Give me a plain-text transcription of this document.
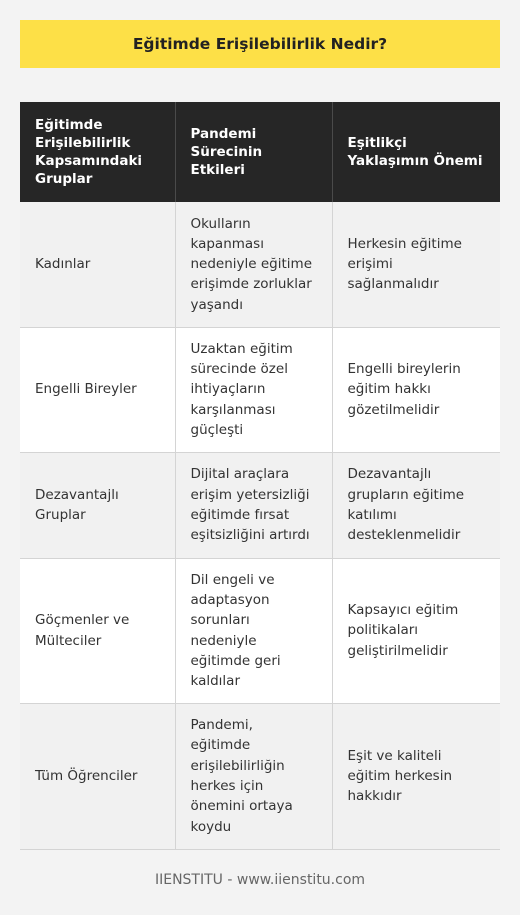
Eğitimde Erişilebilirlik Nedir?
Eğitimde Erişilebilirlik Kapsamındaki Gruplar	Pandemi Sürecinin Etkileri	Eşitlikçi Yaklaşımın Önemi
Kadınlar	Okulların kapanması nedeniyle eğitime erişimde zorluklar yaşandı	Herkesin eğitime erişimi sağlanmalıdır
Engelli Bireyler	Uzaktan eğitim sürecinde özel ihtiyaçların karşılanması güçleşti	Engelli bireylerin eğitim hakkı gözetilmelidir
Dezavantajlı Gruplar	Dijital araçlara erişim yetersizliği eğitimde fırsat eşitsizliğini artırdı	Dezavantajlı grupların eğitime katılımı desteklenmelidir
Göçmenler ve Mülteciler	Dil engeli ve adaptasyon sorunları nedeniyle eğitimde geri kaldılar	Kapsayıcı eğitim politikaları geliştirilmelidir
Tüm Öğrenciler	Pandemi, eğitimde erişilebilirliğin herkes için önemini ortaya koydu	Eşit ve kaliteli eğitim herkesin hakkıdır
IIENSTITU - www.iienstitu.com
